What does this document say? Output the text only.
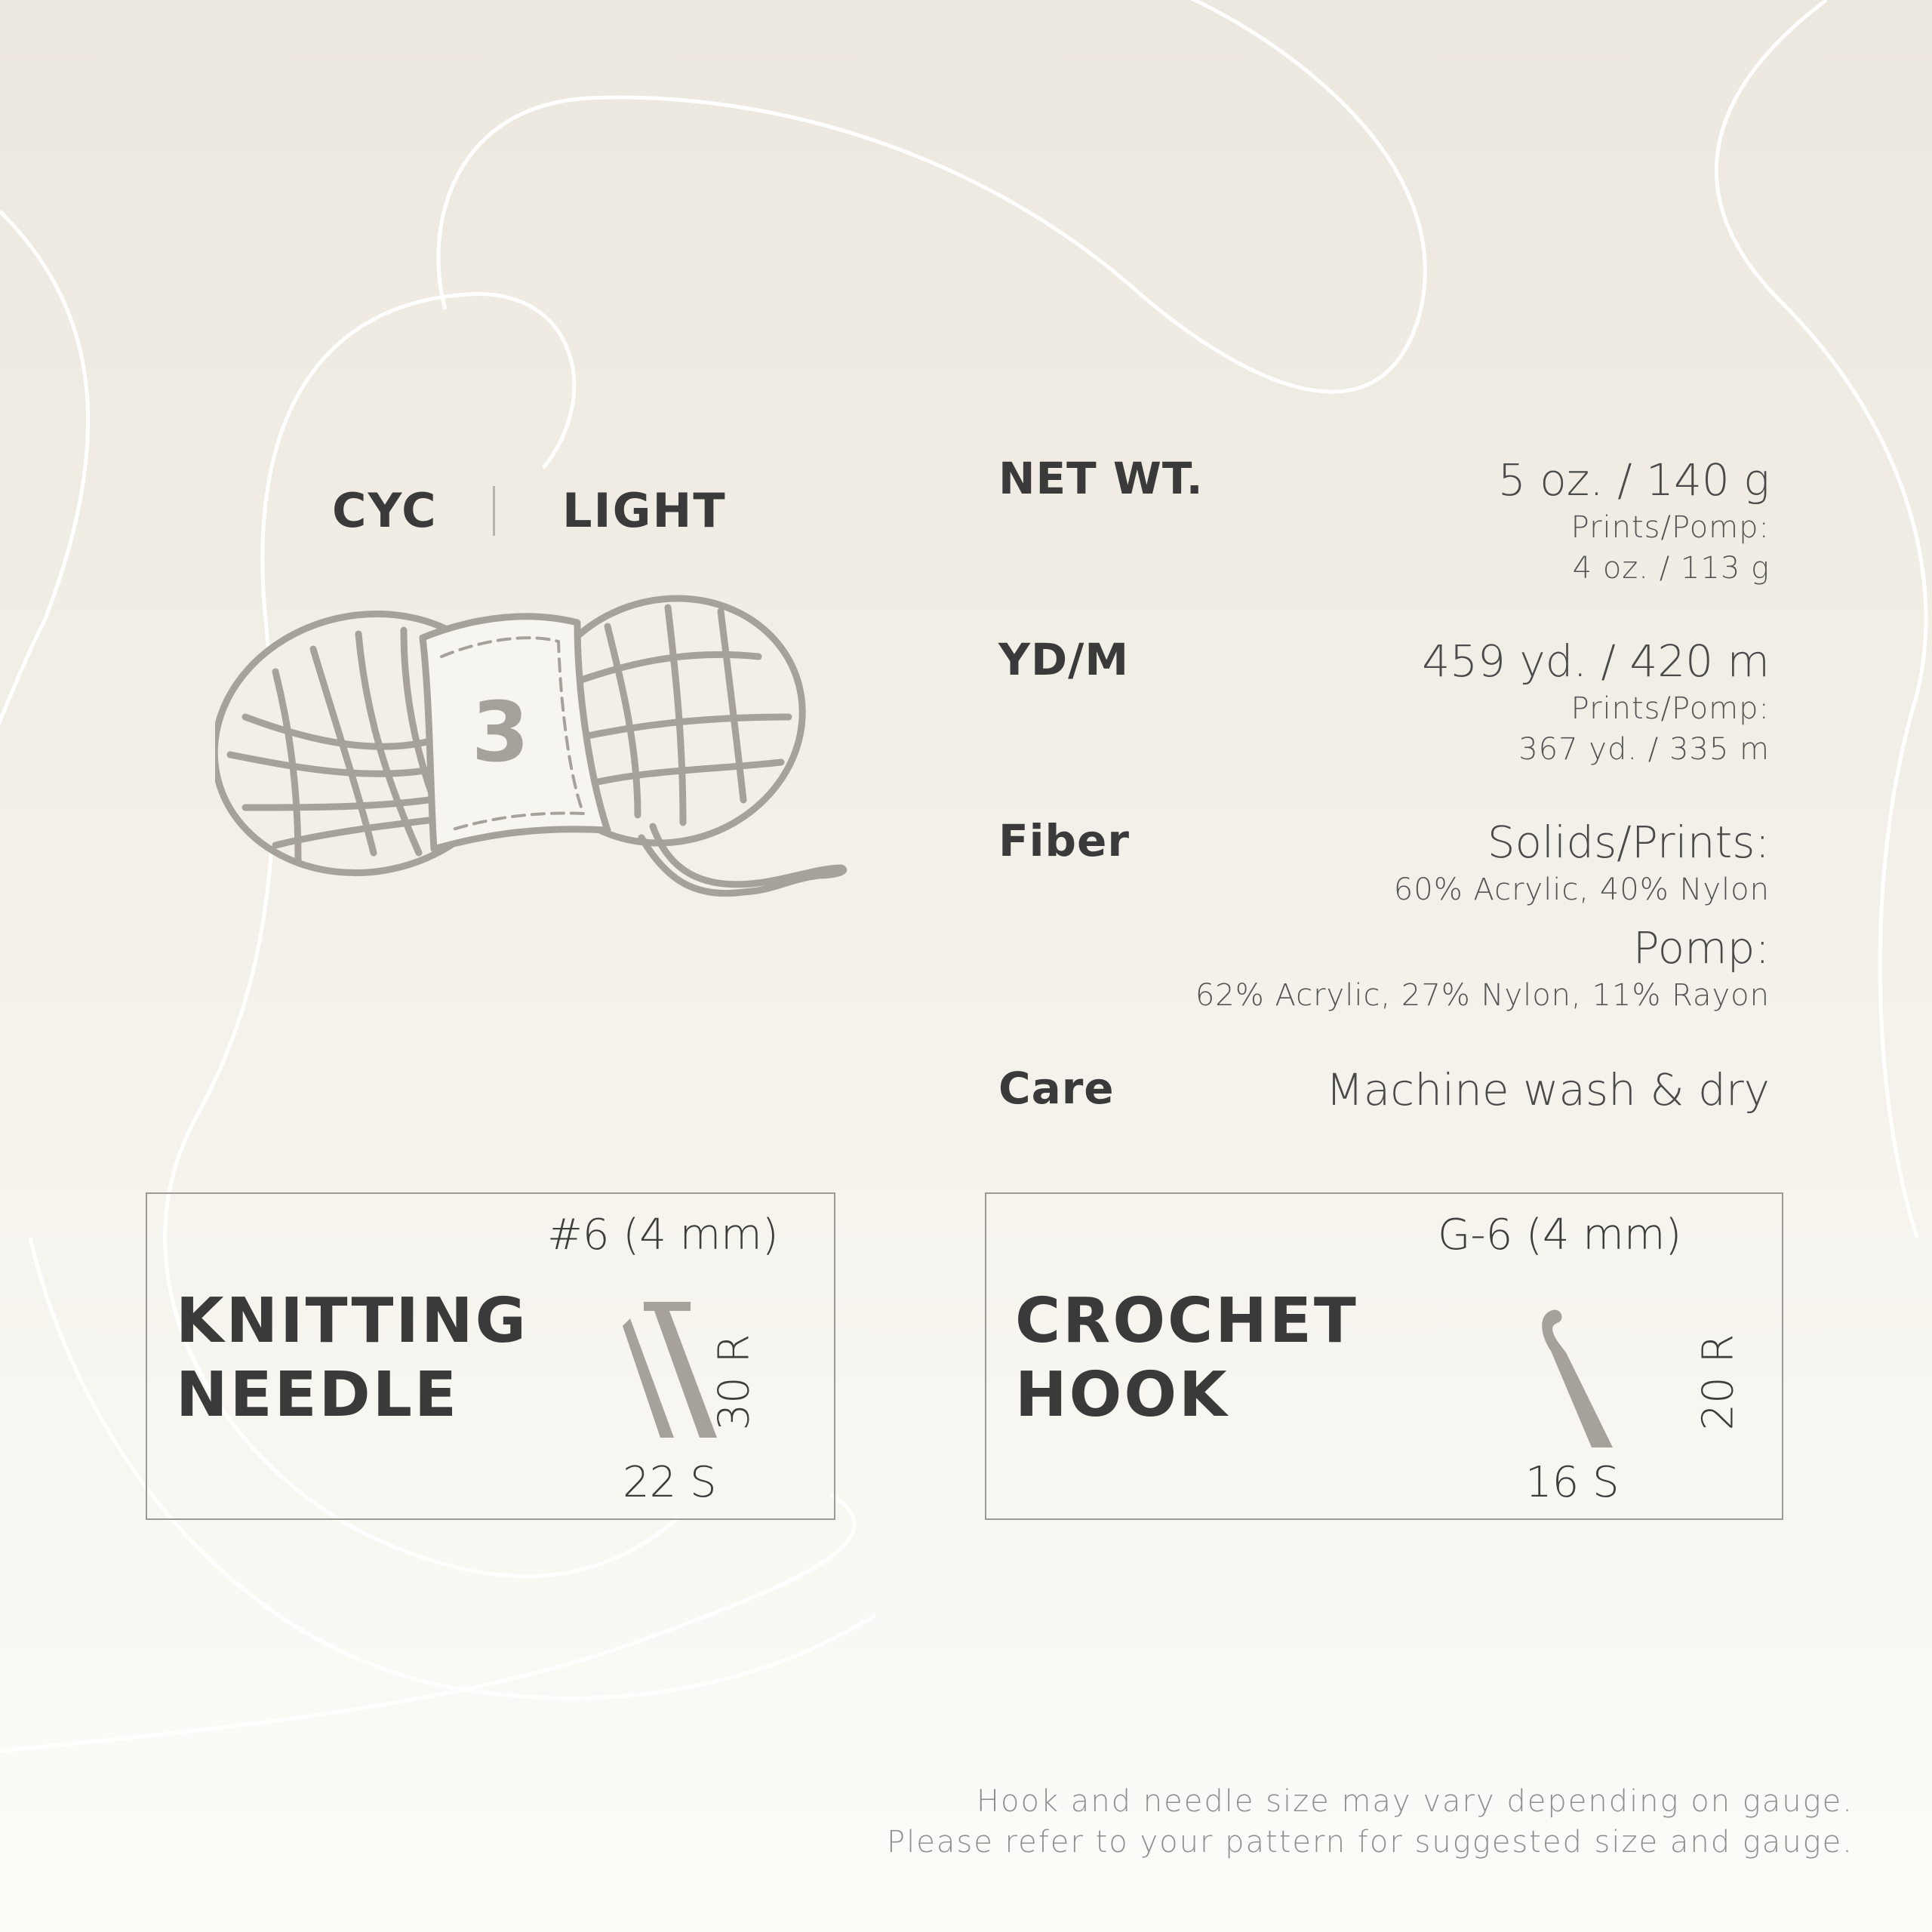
CYC	LIGHT
3
NET WT.	5 oz. / 140 g
Prints/Pomp:
4 oz. / 113 g
YD/M	459 yd. / 420 m
Prints/Pomp:
367 yd. / 335 m
Fiber	Solids/Prints:
60% Acrylic, 40% Nylon
Pomp:
62% Acrylic, 27% Nylon, 11% Rayon
Care	Machine wash & dry
KNITTING
NEEDLE
#6 (4 mm)
22 S
30 R
CROCHET
HOOK
G-6 (4 mm)
16 S
20 R
Hook and needle size may vary depending on gauge.
Please refer to your pattern for suggested size and gauge.
